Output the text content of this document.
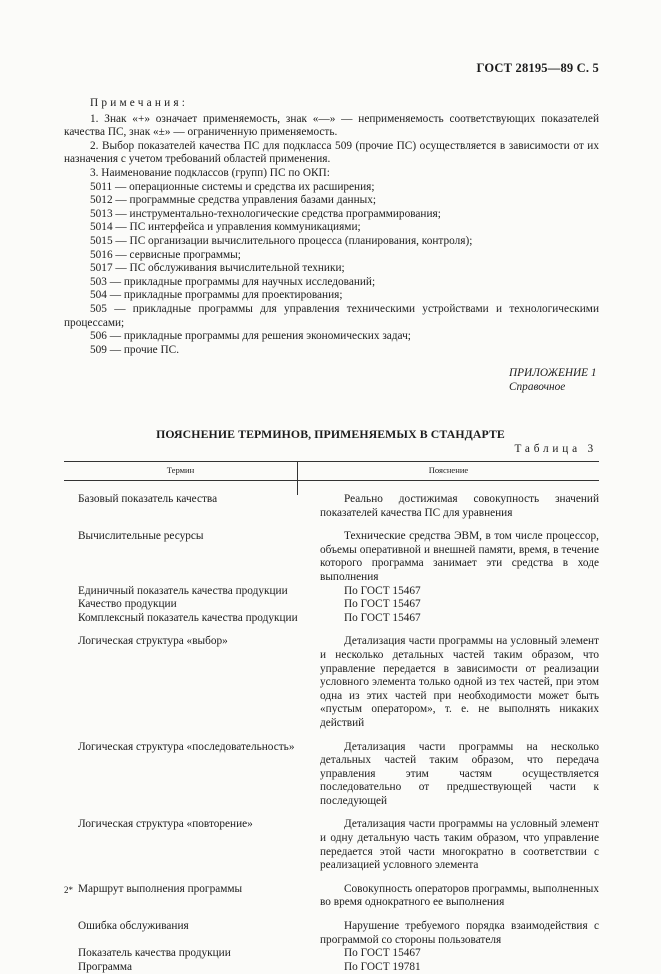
ГОСТ 28195—89 С. 5
Примечания:
1. Знак «+» означает применяемость, знак «—» — неприменяемость соответствующих показателей качества ПС, знак «±» — ограниченную применяемость.
2. Выбор показателей качества ПС для подкласса 509 (прочие ПС) осуществляется в зависимости от их назначения с учетом требований областей применения.
3. Наименование подклассов (групп) ПС по ОКП:
5011 — операционные системы и средства их расширения;
5012 — программные средства управления базами данных;
5013 — инструментально-технологические средства программирования;
5014 — ПС интерфейса и управления коммуникациями;
5015 — ПС организации вычислительного процесса (планирования, контроля);
5016 — сервисные программы;
5017 — ПС обслуживания вычислительной техники;
503 — прикладные программы для научных исследований;
504 — прикладные программы для проектирования;
505 — прикладные программы для управления техническими устройствами и технологическими процессами;
506 — прикладные программы для решения экономических задач;
509 — прочие ПС.
ПРИЛОЖЕНИЕ 1
Справочное
ПОЯСНЕНИЕ ТЕРМИНОВ, ПРИМЕНЯЕМЫХ В СТАНДАРТЕ
Таблица 3
Термин	Пояснение
Базовый показатель качества	Реально достижимая совокупность значений показателей качества ПС для уравнения
Вычислительные ресурсы	Технические средства ЭВМ, в том числе процессор, объемы оперативной и внешней памяти, время, в течение которого программа занимает эти средства в ходе выполнения
Единичный показатель качества продукции	По ГОСТ 15467
Качество продукции	По ГОСТ 15467
Комплексный показатель качества продукции	По ГОСТ 15467
Логическая структура «выбор»	Детализация части программы на условный элемент и несколько детальных частей таким образом, что управление передается в зависимости от реализации условного элемента только одной из тех частей, при этом одна из этих частей при необходимости может быть «пустым оператором», т. е. не выполнять никаких действий
Логическая структура «последовательность»	Детализация части программы на несколько детальных частей таким образом, что передача управления этим частям осуществляется последовательно от предшествующей части к последующей
Логическая структура «повторение»	Детализация части программы на условный элемент и одну детальную часть таким образом, что управление передается этой части многократно в соответствии с реализацией условного элемента
Маршрут выполнения программы	Совокупность операторов программы, выполненных во время однократного ее выполнения
Ошибка обслуживания	Нарушение требуемого порядка взаимодействия с программой со стороны пользователя
Показатель качества продукции	По ГОСТ 15467
Программа	По ГОСТ 19781
2*
